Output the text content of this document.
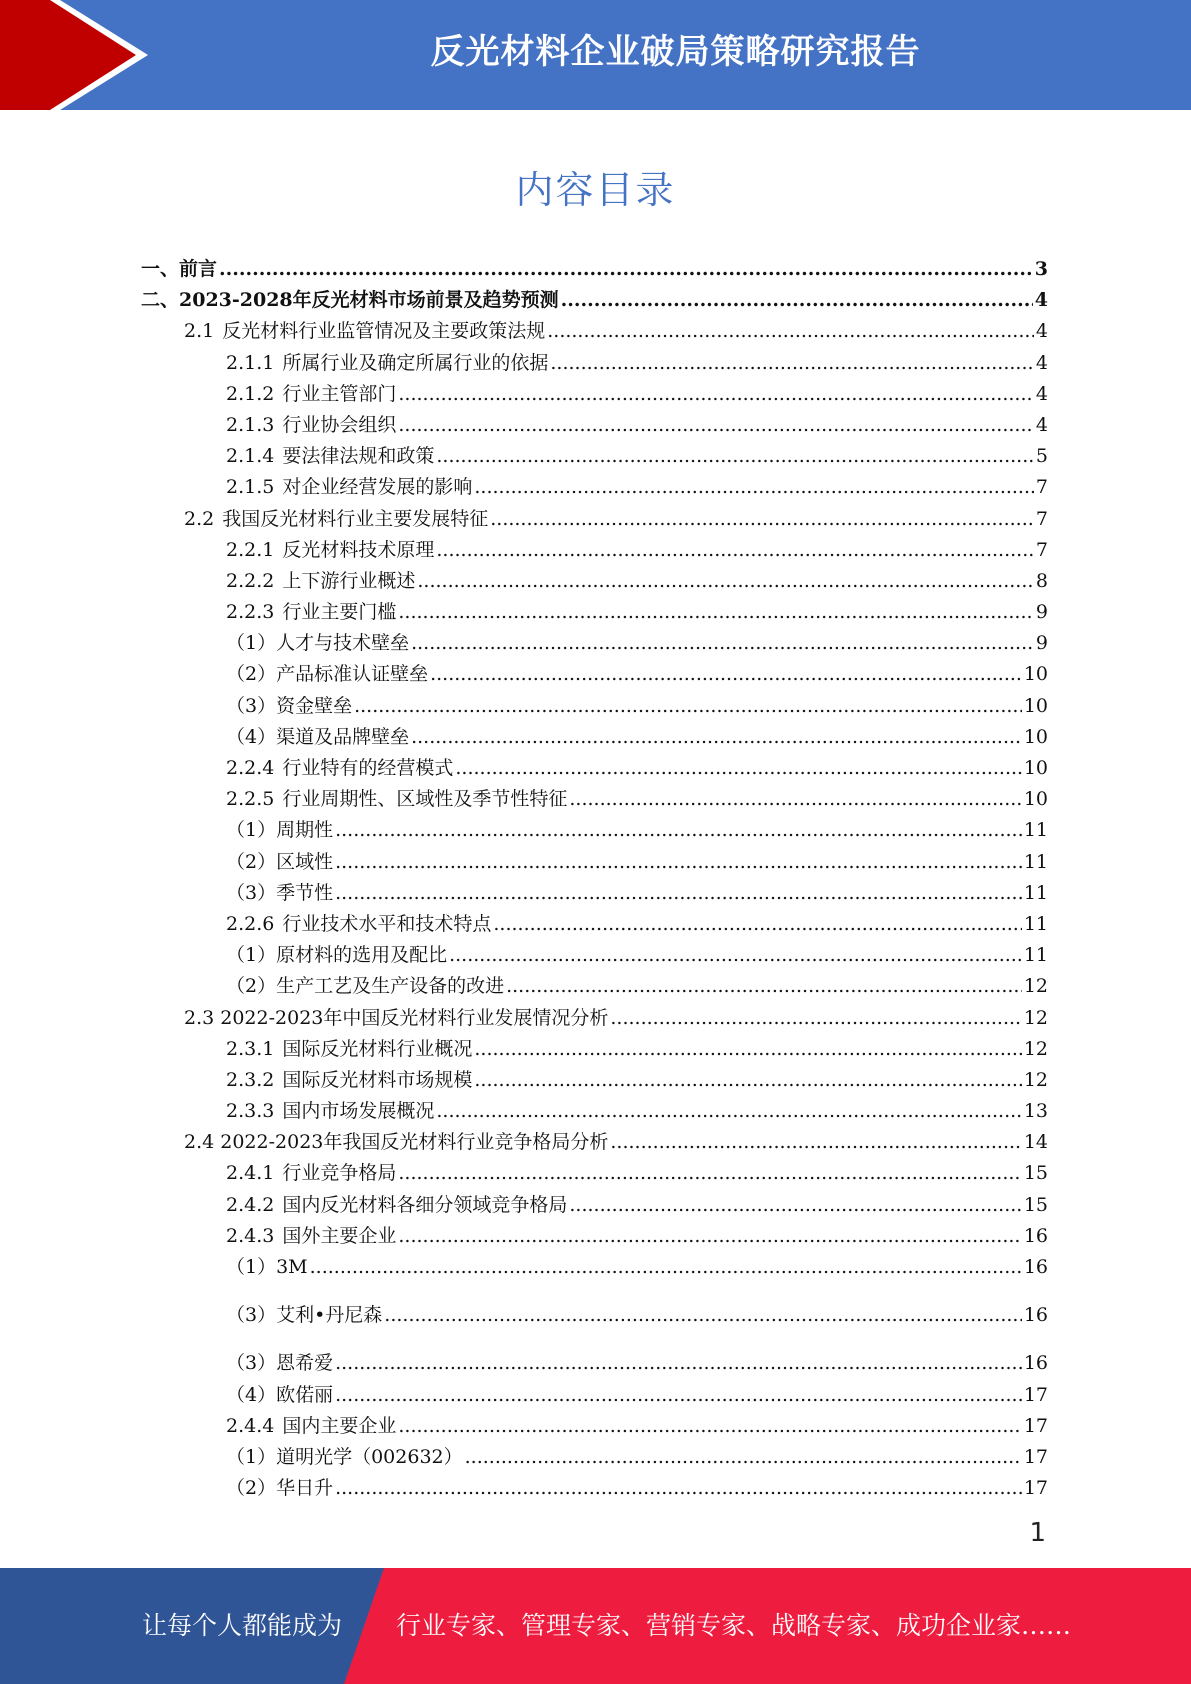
反光材料企业破局策略研究报告
内容目录
一、前言 .....	3
二、2023-2028年反光材料市场前景及趋势预测 .....	4
2.1 反光材料行业监管情况及主要政策法规 .....	4
2.1.1 所属行业及确定所属行业的依据 .....	4
2.1.2 行业主管部门 .....	4
2.1.3 行业协会组织 .....	4
2.1.4 要法律法规和政策 .....	5
2.1.5 对企业经营发展的影响 .....	7
2.2 我国反光材料行业主要发展特征 .....	7
2.2.1 反光材料技术原理 .....	7
2.2.2 上下游行业概述 .....	8
2.2.3 行业主要门槛 .....	9
（1）人才与技术壁垒 .....	9
（2）产品标准认证壁垒 .....	10
（3）资金壁垒 .....	10
（4）渠道及品牌壁垒 .....	10
2.2.4 行业特有的经营模式 .....	10
2.2.5 行业周期性、区域性及季节性特征 .....	10
（1）周期性 .....	11
（2）区域性 .....	11
（3）季节性 .....	11
2.2.6 行业技术水平和技术特点 .....	11
（1）原材料的选用及配比 .....	11
（2）生产工艺及生产设备的改进 .....	12
2.3 2022-2023年中国反光材料行业发展情况分析 .....	12
2.3.1 国际反光材料行业概况 .....	12
2.3.2 国际反光材料市场规模 .....	12
2.3.3 国内市场发展概况 .....	13
2.4 2022-2023年我国反光材料行业竞争格局分析 .....	14
2.4.1 行业竞争格局 .....	15
2.4.2 国内反光材料各细分领域竞争格局 .....	15
2.4.3 国外主要企业 .....	16
（1）3M .....	16
（3）艾利•丹尼森 .....	16
（3）恩希爱 .....	16
（4）欧偌丽 .....	17
2.4.4 国内主要企业 .....	17
（1）道明光学（002632） .....	17
（2）华日升 .....	17
1
让每个人都能成为 行业专家、管理专家、营销专家、战略专家、成功企业家……
